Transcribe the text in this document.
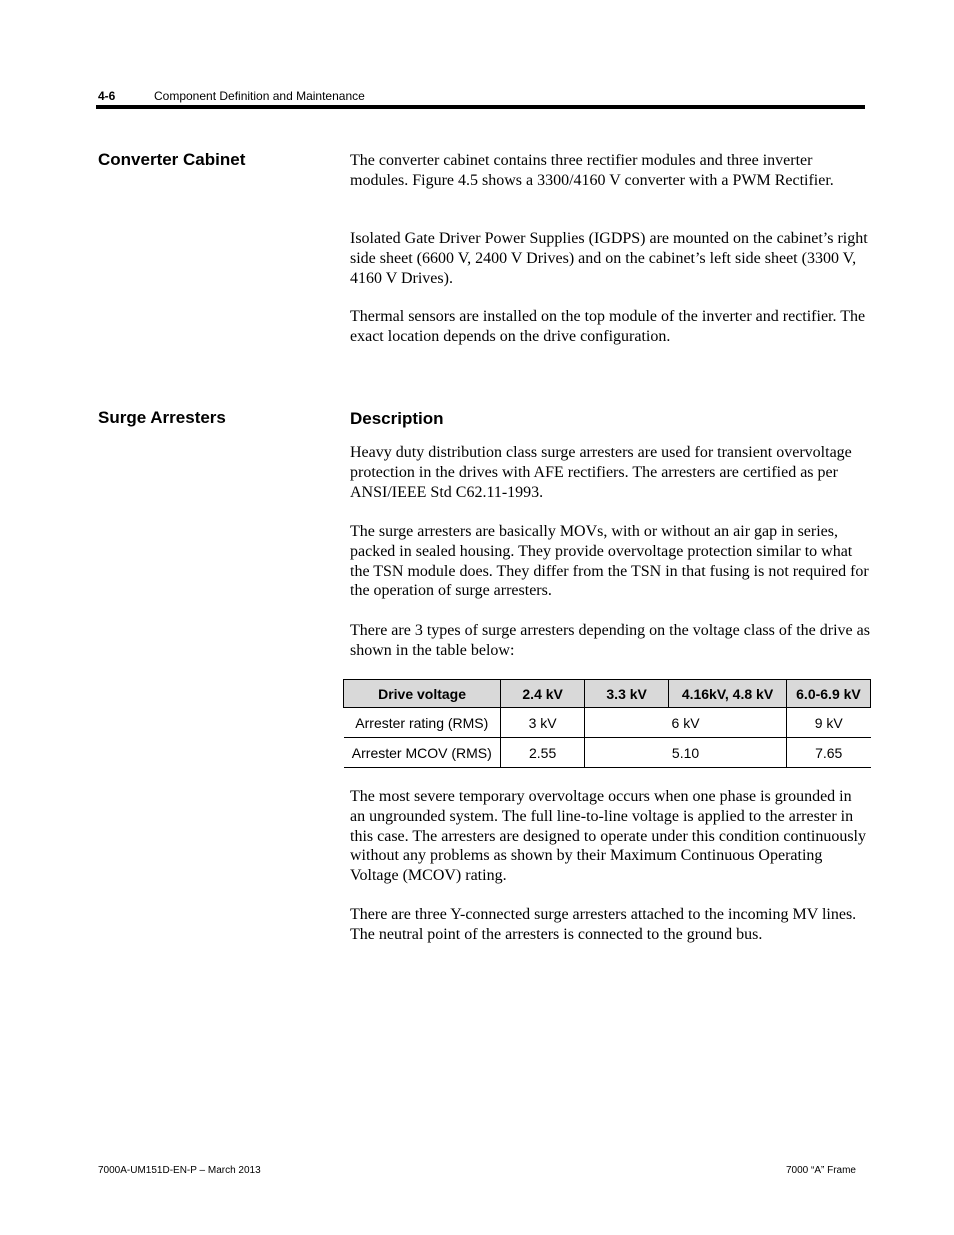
4-6	Component Definition and Maintenance
Converter Cabinet	The converter cabinet contains three rectifier modules and three inverter modules. Figure 4.5 shows a 3300/4160 V converter with a PWM Rectifier.

Isolated Gate Driver Power Supplies (IGDPS) are mounted on the cabinet’s right side sheet (6600 V, 2400 V Drives) and on the cabinet’s left side sheet (3300 V, 4160 V Drives).

Thermal sensors are installed on the top module of the inverter and rectifier. The exact location depends on the drive configuration.

Surge Arresters	Description

Heavy duty distribution class surge arresters are used for transient overvoltage protection in the drives with AFE rectifiers. The arresters are certified as per ANSI/IEEE Std C62.11-1993.

The surge arresters are basically MOVs, with or without an air gap in series, packed in sealed housing. They provide overvoltage protection similar to what the TSN module does. They differ from the TSN in that fusing is not required for the operation of surge arresters.

There are 3 types of surge arresters depending on the voltage class of the drive as shown in the table below:

Drive voltage	2.4 kV	3.3 kV	4.16kV, 4.8 kV	6.0-6.9 kV
Arrester rating (RMS)	3 kV	6 kV		9 kV
Arrester MCOV (RMS)	2.55	5.10		7.65

The most severe temporary overvoltage occurs when one phase is grounded in an ungrounded system. The full line-to-line voltage is applied to the arrester in this case. The arresters are designed to operate under this condition continuously without any problems as shown by their Maximum Continuous Operating Voltage (MCOV) rating.

There are three Y-connected surge arresters attached to the incoming MV lines. The neutral point of the arresters is connected to the ground bus.

7000A-UM151D-EN-P – March 2013	7000 “A” Frame
